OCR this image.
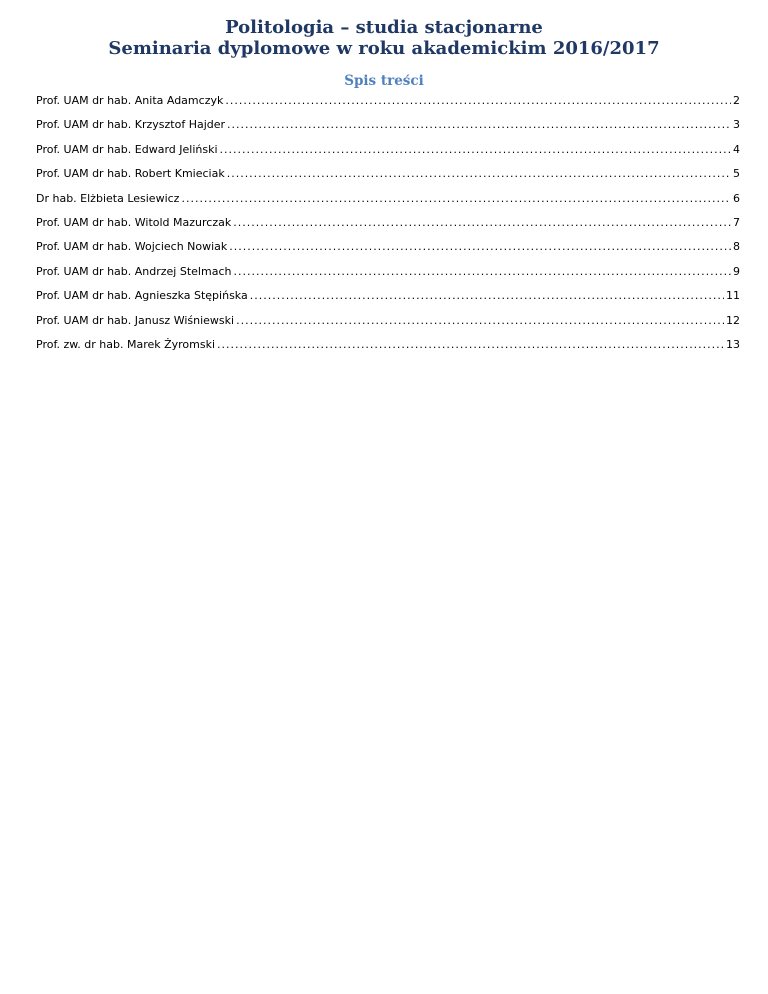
Politologia – studia stacjonarne
Seminaria dyplomowe w roku akademickim 2016/2017
Spis treści
Prof. UAM dr hab. Anita Adamczyk .....	2
Prof. UAM dr hab. Krzysztof Hajder .....	3
Prof. UAM dr hab. Edward Jeliński .....	4
Prof. UAM dr hab. Robert Kmieciak .....	5
Dr hab. Elżbieta Lesiewicz .....	6
Prof. UAM dr hab. Witold Mazurczak .....	7
Prof. UAM dr hab. Wojciech Nowiak .....	8
Prof. UAM dr hab. Andrzej Stelmach .....	9
Prof. UAM dr hab. Agnieszka Stępińska .....	11
Prof. UAM dr hab. Janusz Wiśniewski .....	12
Prof. zw. dr hab. Marek Żyromski .....	13
